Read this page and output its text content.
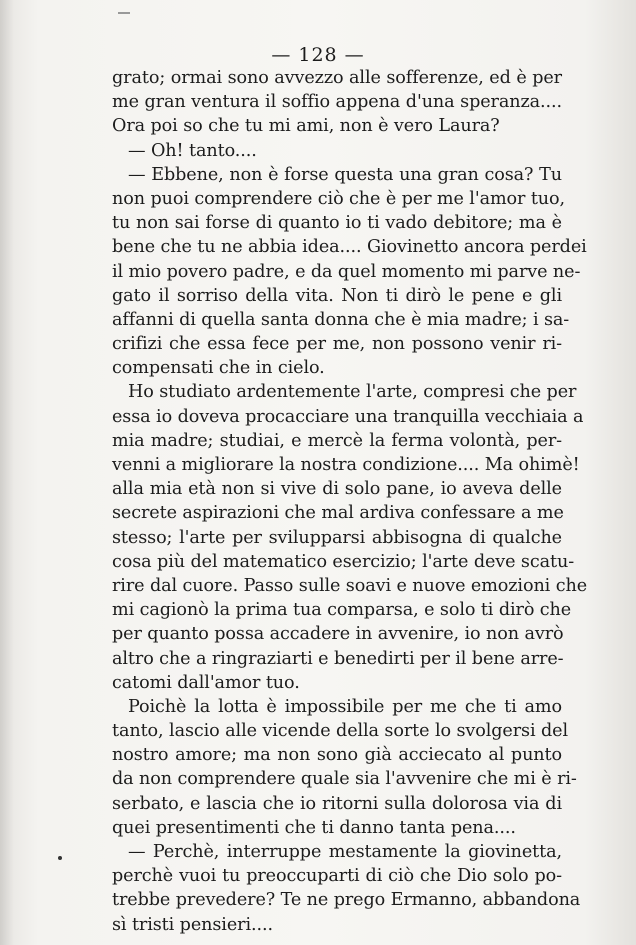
— 128 —
grato; ormai sono avvezzo alle sofferenze, ed è per
me gran ventura il soffio appena d'una speranza....
Ora poi so che tu mi ami, non è vero Laura?
— Oh! tanto....
— Ebbene, non è forse questa una gran cosa? Tu
non puoi comprendere ciò che è per me l'amor tuo,
tu non sai forse di quanto io ti vado debitore; ma è
bene che tu ne abbia idea.... Giovinetto ancora perdei
il mio povero padre, e da quel momento mi parve ne-
gato il sorriso della vita. Non ti dirò le pene e gli
affanni di quella santa donna che è mia madre; i sa-
crifizi che essa fece per me, non possono venir ri-
compensati che in cielo.
Ho studiato ardentemente l'arte, compresi che per
essa io doveva procacciare una tranquilla vecchiaia a
mia madre; studiai, e mercè la ferma volontà, per-
venni a migliorare la nostra condizione.... Ma ohimè!
alla mia età non si vive di solo pane, io aveva delle
secrete aspirazioni che mal ardiva confessare a me
stesso; l'arte per svilupparsi abbisogna di qualche
cosa più del matematico esercizio; l'arte deve scatu-
rire dal cuore. Passo sulle soavi e nuove emozioni che
mi cagionò la prima tua comparsa, e solo ti dirò che
per quanto possa accadere in avvenire, io non avrò
altro che a ringraziarti e benedirti per il bene arre-
catomi dall'amor tuo.
Poichè la lotta è impossibile per me che ti amo
tanto, lascio alle vicende della sorte lo svolgersi del
nostro amore; ma non sono già acciecato al punto
da non comprendere quale sia l'avvenire che mi è ri-
serbato, e lascia che io ritorni sulla dolorosa via di
quei presentimenti che ti danno tanta pena....
— Perchè, interruppe mestamente la giovinetta,
perchè vuoi tu preoccuparti di ciò che Dio solo po-
trebbe prevedere? Te ne prego Ermanno, abbandona
sì tristi pensieri....
